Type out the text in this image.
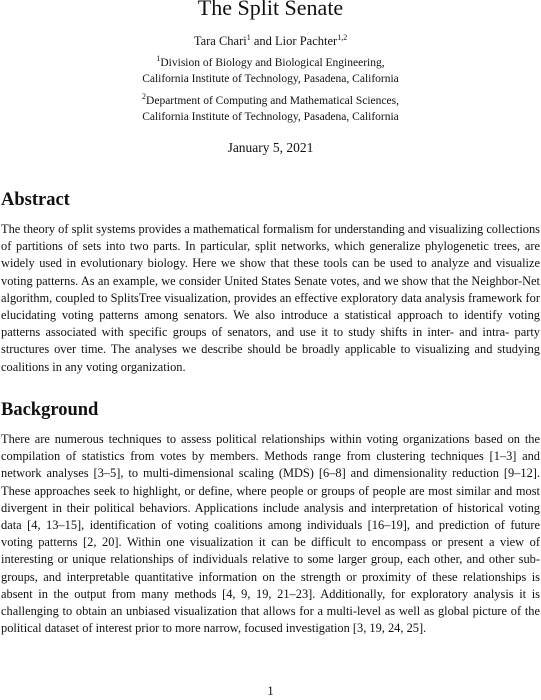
The Split Senate
Tara Chari$^1$ and Lior Pachter$^{1,2}$
$^1$Division of Biology and Biological Engineering,
California Institute of Technology, Pasadena, California
$^2$Department of Computing and Mathematical Sciences,
California Institute of Technology, Pasadena, California
January 5, 2021
Abstract

The theory of split systems provides a mathematical formalism for understanding and visualizing collections of partitions of sets into two parts. In particular, split networks, which generalize phylogenetic trees, are widely used in evolutionary biology. Here we show that these tools can be used to analyze and visualize voting patterns. As an example, we consider United States Senate votes, and we show that the Neighbor-Net algorithm, coupled to SplitsTree visualization, provides an effective exploratory data analysis framework for elucidating voting patterns among senators. We also introduce a statistical approach to identify voting patterns associated with specific groups of senators, and use it to study shifts in inter- and intra- party structures over time. The analyses we describe should be broadly applicable to visualizing and studying coalitions in any voting organization.

Background

There are numerous techniques to assess political relationships within voting organizations based on the compilation of statistics from votes by members. Methods range from clustering techniques [1–3] and network analyses [3–5], to multi-dimensional scaling (MDS) [6–8] and dimensionality reduction [9–12]. These approaches seek to highlight, or define, where people or groups of people are most similar and most divergent in their political behaviors. Applications include analysis and interpretation of historical voting data [4, 13–15], identification of voting coalitions among individuals [16–19], and prediction of future voting patterns [2, 20]. Within one visualization it can be difficult to encompass or present a view of interesting or unique relationships of individuals relative to some larger group, each other, and other sub-groups, and interpretable quantitative information on the strength or proximity of these relationships is absent in the output from many methods [4, 9, 19, 21–23]. Additionally, for exploratory analysis it is challenging to obtain an unbiased visualization that allows for a multi-level as well as global picture of the political dataset of interest prior to more narrow, focused investigation [3, 19, 24, 25].

1
